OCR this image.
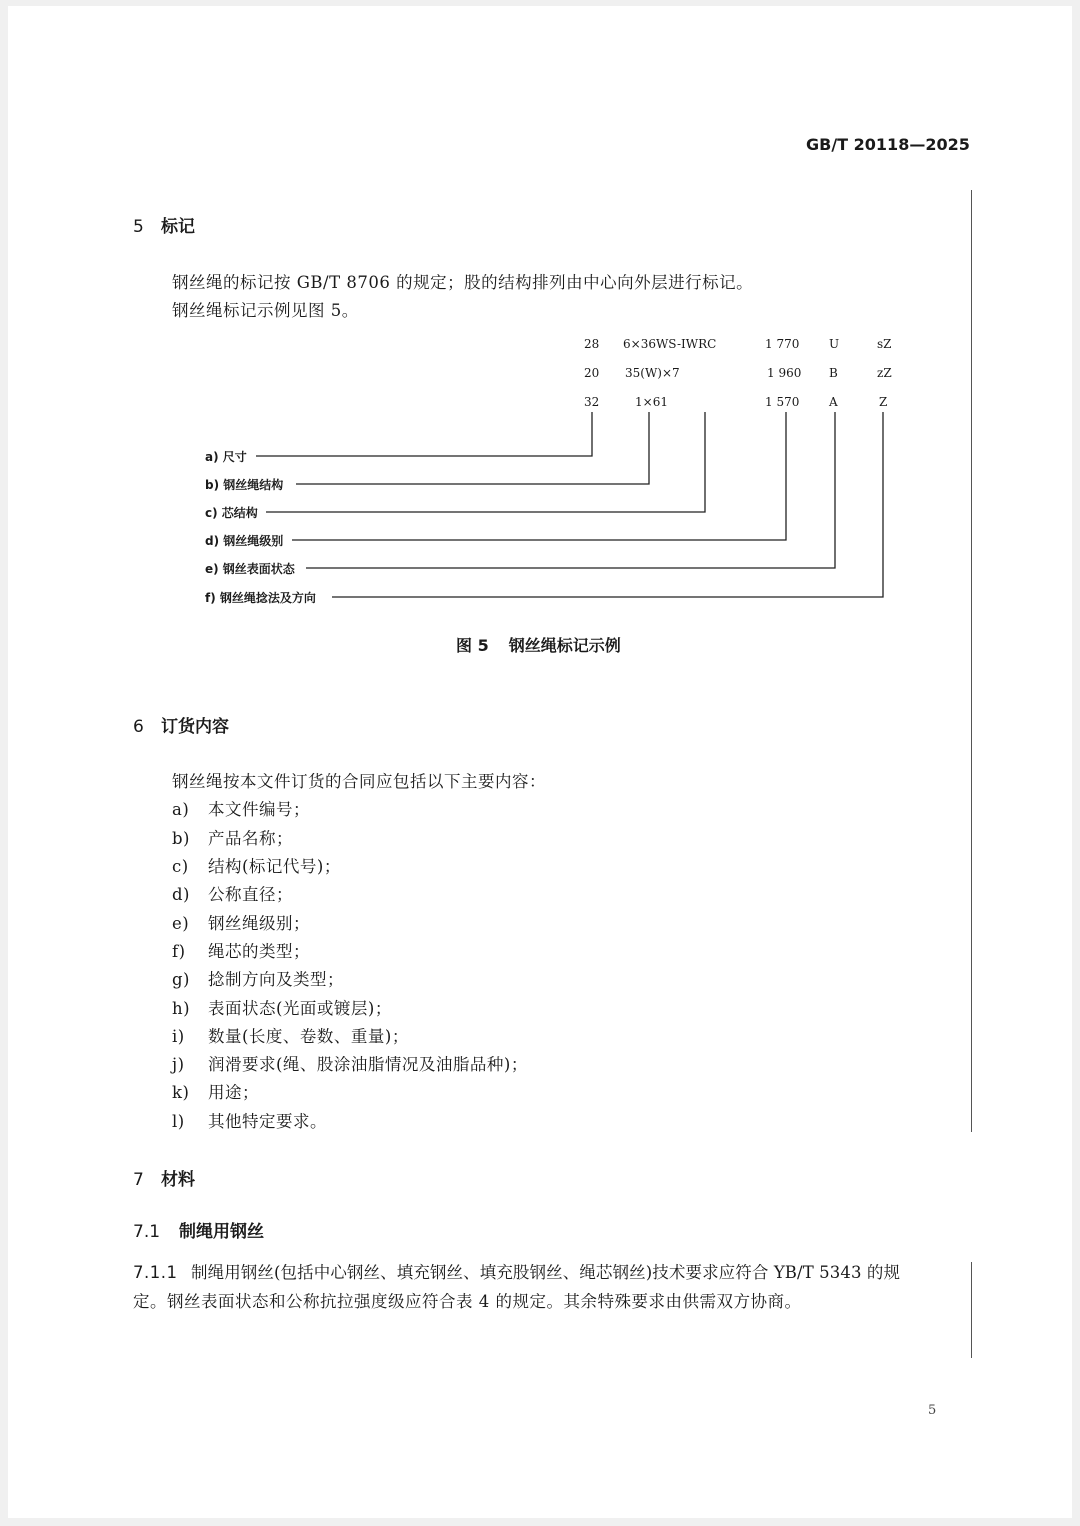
GB/T 20118—2025
5 标记
钢丝绳的标记按 GB/T 8706 的规定；股的结构排列由中心向外层进行标记。
钢丝绳标记示例见图 5。
28 6×36WS-IWRC	1 770 U	sZ
20 35(W)×7	1 960 B	zZ
32	1×61	1 570 A	Z
a) 尺寸
b) 钢丝绳结构
c) 芯结构
d) 钢丝绳级别
e) 钢丝表面状态
f) 钢丝绳捻法及方向
图 5 钢丝绳标记示例
6 订货内容
钢丝绳按本文件订货的合同应包括以下主要内容：
a) 本文件编号；
b) 产品名称；
c) 结构(标记代号)；
d) 公称直径；
e) 钢丝绳级别；
f) 绳芯的类型；
g) 捻制方向及类型；
h) 表面状态(光面或镀层)；
i) 数量(长度、卷数、重量)；
j) 润滑要求(绳、股涂油脂情况及油脂品种)；
k) 用途；
l) 其他特定要求。
7 材料
7.1 制绳用钢丝
7.1.1 制绳用钢丝(包括中心钢丝、填充钢丝、填充股钢丝、绳芯钢丝)技术要求应符合 YB/T 5343 的规
定。钢丝表面状态和公称抗拉强度级应符合表 4 的规定。其余特殊要求由供需双方协商。
5
